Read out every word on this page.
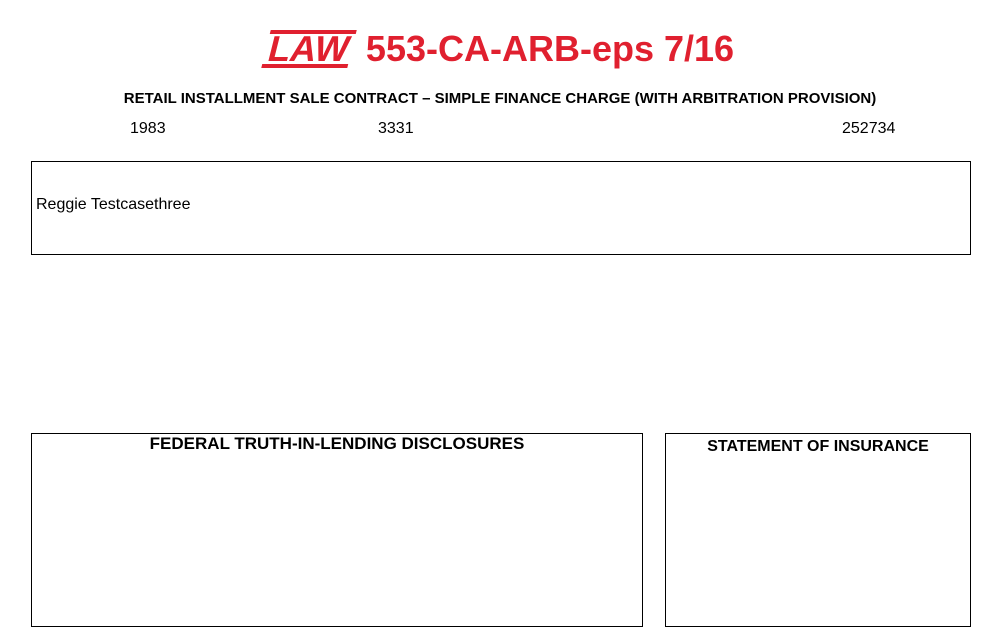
LAW 553-CA-ARB-eps 7/16
RETAIL INSTALLMENT SALE CONTRACT – SIMPLE FINANCE CHARGE (WITH ARBITRATION PROVISION)
1983	3331	252734
Reggie Testcasethree
FEDERAL TRUTH-IN-LENDING DISCLOSURES	STATEMENT OF INSURANCE
